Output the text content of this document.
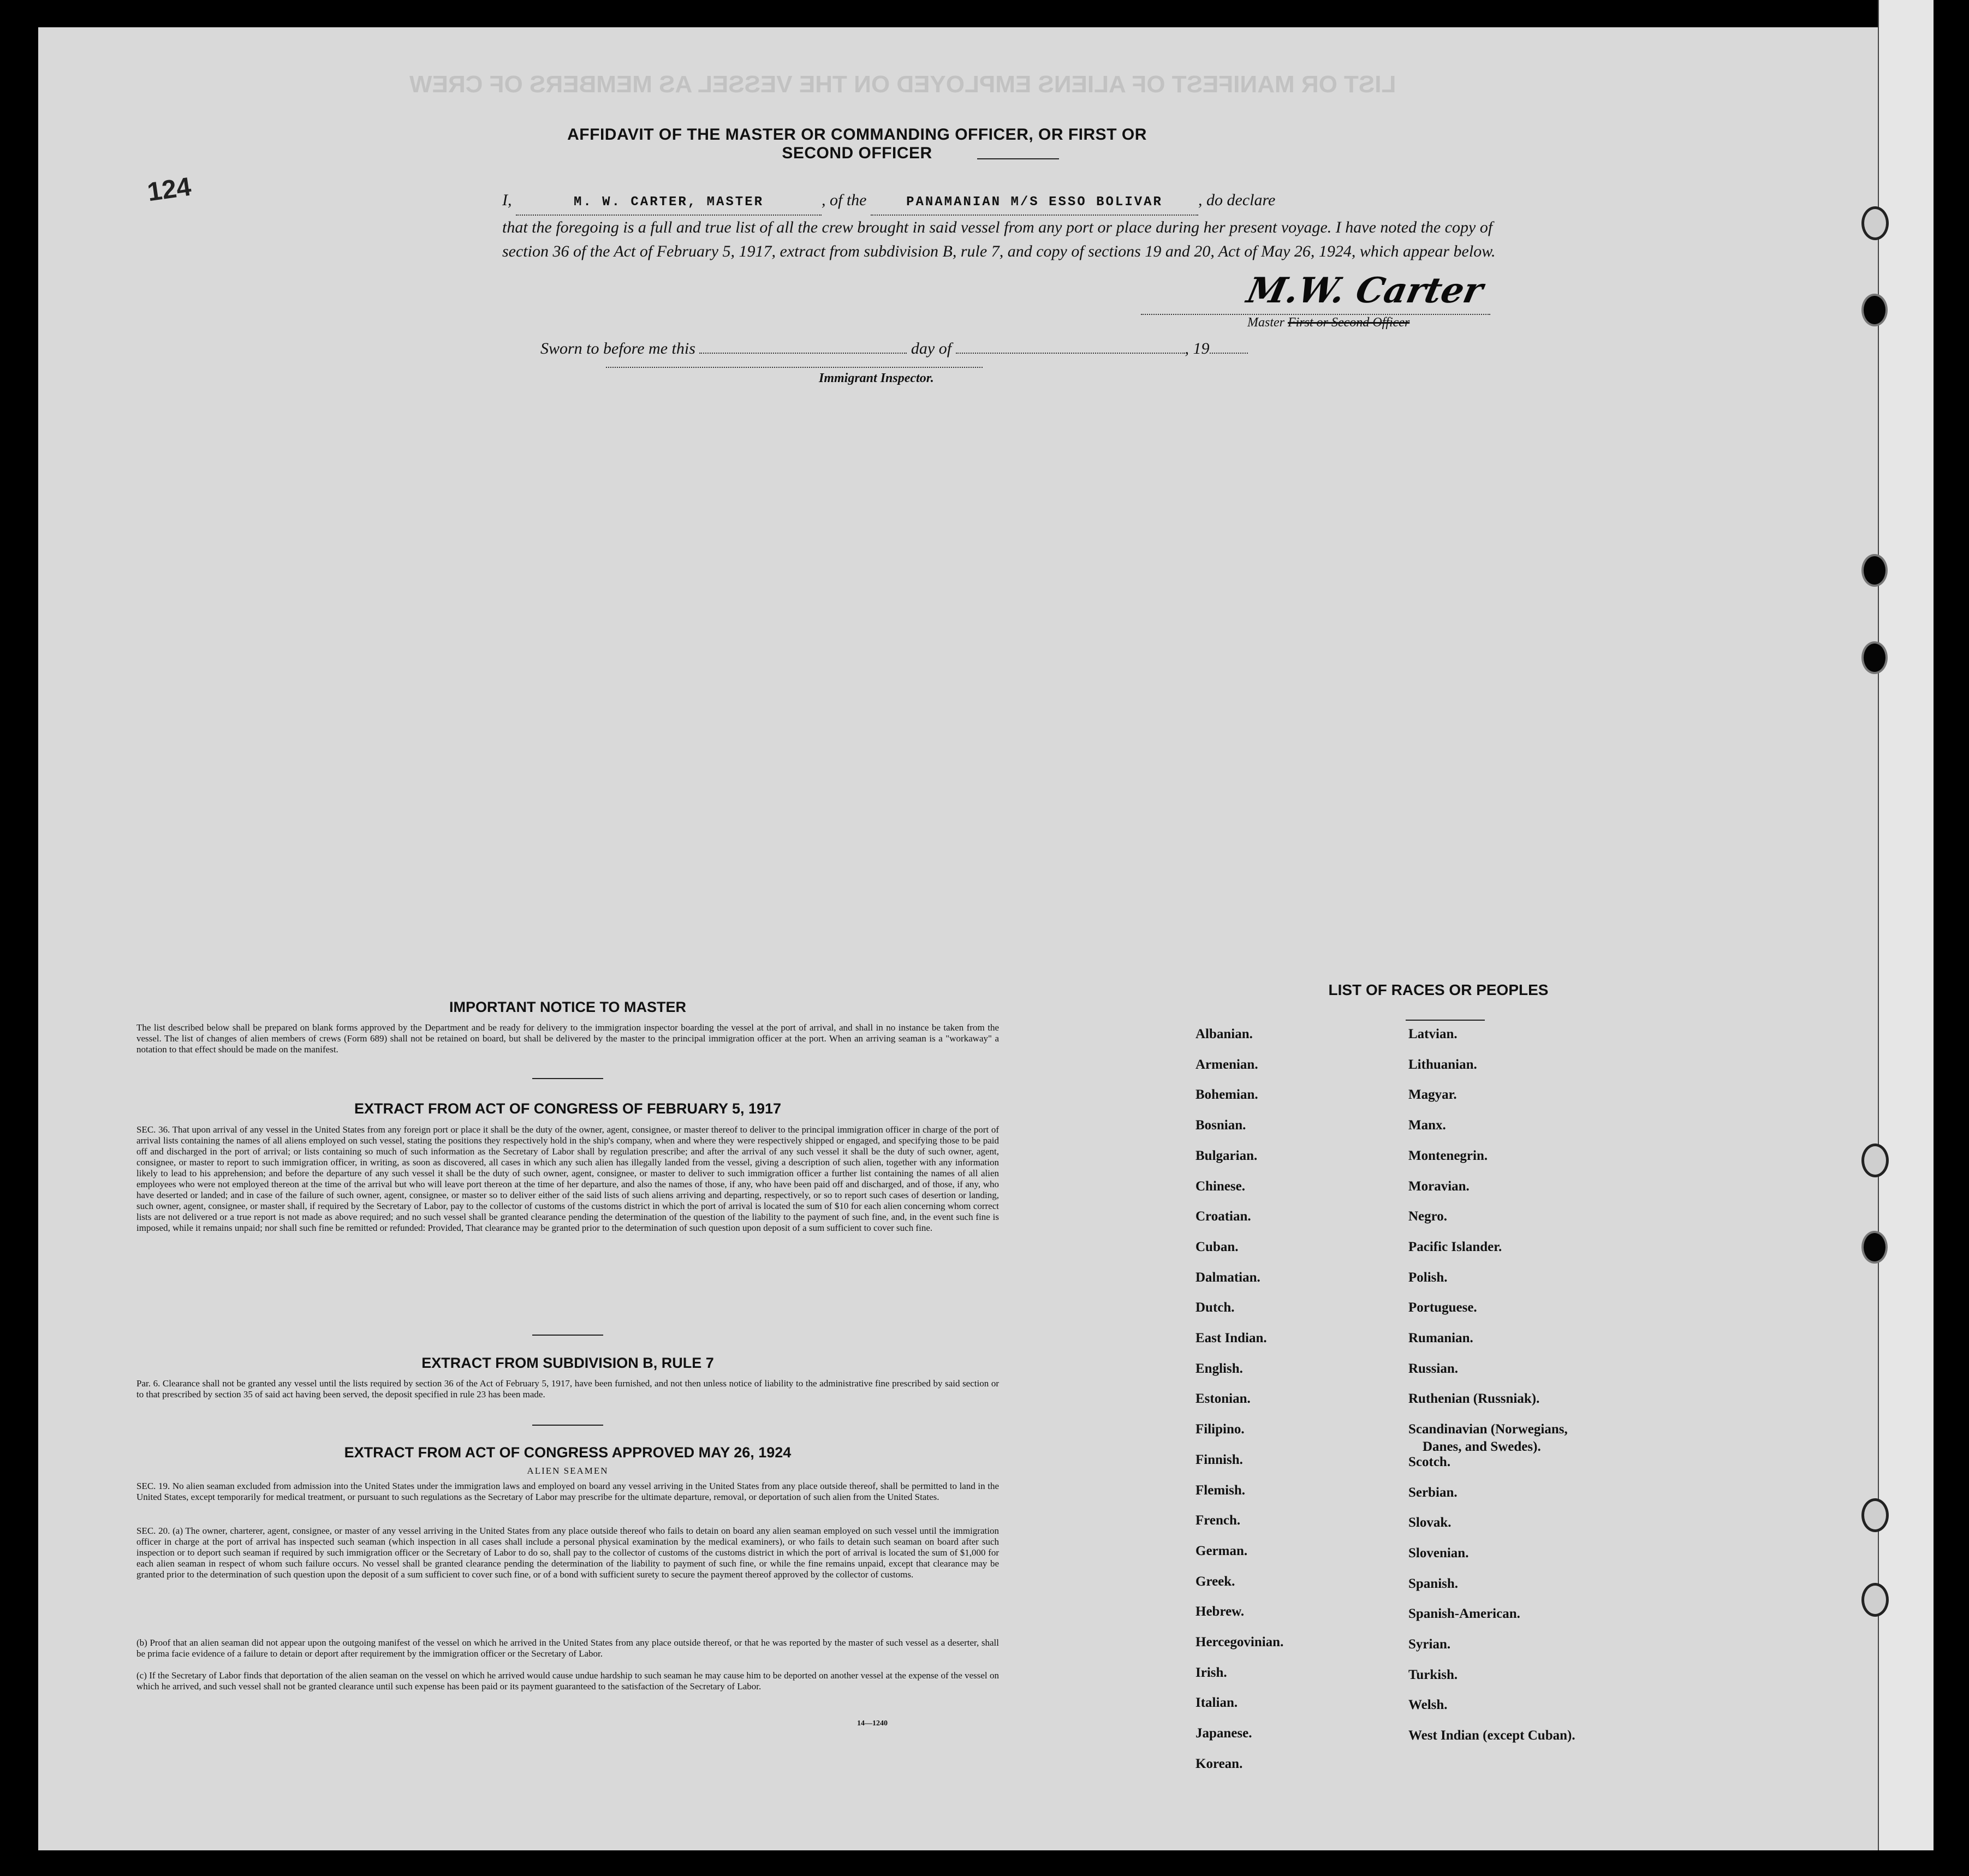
LIST OR MANIFEST OF ALIENS EMPLOYED ON THE VESSEL AS MEMBERS OF CREW
124
AFFIDAVIT OF THE MASTER OR COMMANDING OFFICER, OR FIRST OR SECOND OFFICER
I,	M. W. CARTER, MASTER	, of the	PANAMANIAN M/S ESSO BOLIVAR , do declare
that the foregoing is a full and true list of all the crew brought in said vessel from any port or place during her present voyage. I have noted the copy of section 36 of the Act of February 5, 1917, extract from subdivision B, rule 7, and copy of sections 19 and 20, Act of May 26, 1924, which appear below.
M.W. Carter
Master First or Second Officer
Sworn to before me this	day of	, 19
Immigrant Inspector.
IMPORTANT NOTICE TO MASTER
The list described below shall be prepared on blank forms approved by the Department and be ready for delivery to the immigration inspector boarding the vessel at the port of arrival, and shall in no instance be taken from the vessel. The list of changes of alien members of crews (Form 689) shall not be retained on board, but shall be delivered by the master to the principal immigration officer at the port. When an arriving seaman is a "workaway" a notation to that effect should be made on the manifest.
EXTRACT FROM ACT OF CONGRESS OF FEBRUARY 5, 1917
SEC. 36. That upon arrival of any vessel in the United States from any foreign port or place it shall be the duty of the owner, agent, consignee, or master thereof to deliver to the principal immigration officer in charge of the port of arrival lists containing the names of all aliens employed on such vessel, stating the positions they respectively hold in the ship's company, when and where they were respectively shipped or engaged, and specifying those to be paid off and discharged in the port of arrival; or lists containing so much of such information as the Secretary of Labor shall by regulation prescribe; and after the arrival of any such vessel it shall be the duty of such owner, agent, consignee, or master to report to such immigration officer, in writing, as soon as discovered, all cases in which any such alien has illegally landed from the vessel, giving a description of such alien, together with any information likely to lead to his apprehension; and before the departure of any such vessel it shall be the duty of such owner, agent, consignee, or master to deliver to such immigration officer a further list containing the names of all alien employees who were not employed thereon at the time of the arrival but who will leave port thereon at the time of her departure, and also the names of those, if any, who have been paid off and discharged, and of those, if any, who have deserted or landed; and in case of the failure of such owner, agent, consignee, or master so to deliver either of the said lists of such aliens arriving and departing, respectively, or so to report such cases of desertion or landing, such owner, agent, consignee, or master shall, if required by the Secretary of Labor, pay to the collector of customs of the customs district in which the port of arrival is located the sum of $10 for each alien concerning whom correct lists are not delivered or a true report is not made as above required; and no such vessel shall be granted clearance pending the determination of the question of the liability to the payment of such fine, and, in the event such fine is imposed, while it remains unpaid; nor shall such fine be remitted or refunded: Provided, That clearance may be granted prior to the determination of such question upon deposit of a sum sufficient to cover such fine.
EXTRACT FROM SUBDIVISION B, RULE 7
Par. 6. Clearance shall not be granted any vessel until the lists required by section 36 of the Act of February 5, 1917, have been furnished, and not then unless notice of liability to the administrative fine prescribed by said section or to that prescribed by section 35 of said act having been served, the deposit specified in rule 23 has been made.
EXTRACT FROM ACT OF CONGRESS APPROVED MAY 26, 1924
ALIEN SEAMEN
SEC. 19. No alien seaman excluded from admission into the United States under the immigration laws and employed on board any vessel arriving in the United States from any place outside thereof, shall be permitted to land in the United States, except temporarily for medical treatment, or pursuant to such regulations as the Secretary of Labor may prescribe for the ultimate departure, removal, or deportation of such alien from the United States.
SEC. 20. (a) The owner, charterer, agent, consignee, or master of any vessel arriving in the United States from any place outside thereof who fails to detain on board any alien seaman employed on such vessel until the immigration officer in charge at the port of arrival has inspected such seaman (which inspection in all cases shall include a personal physical examination by the medical examiners), or who fails to detain such seaman on board after such inspection or to deport such seaman if required by such immigration officer or the Secretary of Labor to do so, shall pay to the collector of customs of the customs district in which the port of arrival is located the sum of $1,000 for each alien seaman in respect of whom such failure occurs. No vessel shall be granted clearance pending the determination of the liability to payment of such fine, or while the fine remains unpaid, except that clearance may be granted prior to the determination of such question upon the deposit of a sum sufficient to cover such fine, or of a bond with sufficient surety to secure the payment thereof approved by the collector of customs.
(b) Proof that an alien seaman did not appear upon the outgoing manifest of the vessel on which he arrived in the United States from any place outside thereof, or that he was reported by the master of such vessel as a deserter, shall be prima facie evidence of a failure to detain or deport after requirement by the immigration officer or the Secretary of Labor.
(c) If the Secretary of Labor finds that deportation of the alien seaman on the vessel on which he arrived would cause undue hardship to such seaman he may cause him to be deported on another vessel at the expense of the vessel on which he arrived, and such vessel shall not be granted clearance until such expense has been paid or its payment guaranteed to the satisfaction of the Secretary of Labor.
14—1240
LIST OF RACES OR PEOPLES
Albanian.
Armenian.
Bohemian.
Bosnian.
Bulgarian.
Chinese.
Croatian.
Cuban.
Dalmatian.
Dutch.
East Indian.
English.
Estonian.
Filipino.
Finnish.
Flemish.
French.
German.
Greek.
Hebrew.
Hercegovinian.
Irish.
Italian.
Japanese.
Korean.
Latvian.
Lithuanian.
Magyar.
Manx.
Montenegrin.
Moravian.
Negro.
Pacific Islander.
Polish.
Portuguese.
Rumanian.
Russian.
Ruthenian (Russniak).
Scandinavian (Norwegians,
Danes, and Swedes).
Scotch.
Serbian.
Slovak.
Slovenian.
Spanish.
Spanish-American.
Syrian.
Turkish.
Welsh.
West Indian (except Cuban).
